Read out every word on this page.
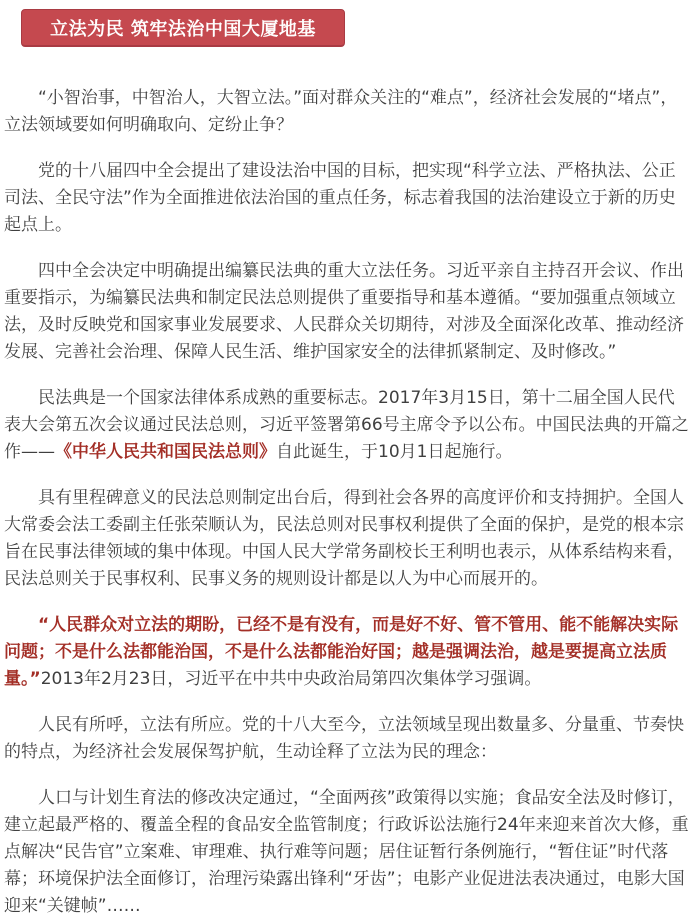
立法为民 筑牢法治中国大厦地基

“小智治事，中智治人，大智立法。”面对群众关注的“难点”，经济社会发展的“堵点”，立法领域要如何明确取向、定纷止争？

党的十八届四中全会提出了建设法治中国的目标，把实现“科学立法、严格执法、公正司法、全民守法”作为全面推进依法治国的重点任务，标志着我国的法治建设立于新的历史起点上。

四中全会决定中明确提出编纂民法典的重大立法任务。习近平亲自主持召开会议、作出重要指示，为编纂民法典和制定民法总则提供了重要指导和基本遵循。“要加强重点领域立法，及时反映党和国家事业发展要求、人民群众关切期待，对涉及全面深化改革、推动经济发展、完善社会治理、保障人民生活、维护国家安全的法律抓紧制定、及时修改。”

民法典是一个国家法律体系成熟的重要标志。2017年3月15日，第十二届全国人民代表大会第五次会议通过民法总则，习近平签署第66号主席令予以公布。中国民法典的开篇之作——《中华人民共和国民法总则》自此诞生，于10月1日起施行。

具有里程碑意义的民法总则制定出台后，得到社会各界的高度评价和支持拥护。全国人大常委会法工委副主任张荣顺认为，民法总则对民事权利提供了全面的保护，是党的根本宗旨在民事法律领域的集中体现。中国人民大学常务副校长王利明也表示，从体系结构来看，民法总则关于民事权利、民事义务的规则设计都是以人为中心而展开的。

“人民群众对立法的期盼，已经不是有没有，而是好不好、管不管用、能不能解决实际问题；不是什么法都能治国，不是什么法都能治好国；越是强调法治，越是要提高立法质量。”2013年2月23日，习近平在中共中央政治局第四次集体学习强调。

人民有所呼，立法有所应。党的十八大至今，立法领域呈现出数量多、分量重、节奏快的特点，为经济社会发展保驾护航，生动诠释了立法为民的理念：

人口与计划生育法的修改决定通过，“全面两孩”政策得以实施；食品安全法及时修订，建立起最严格的、覆盖全程的食品安全监管制度；行政诉讼法施行24年来迎来首次大修，重点解决“民告官”立案难、审理难、执行难等问题；居住证暂行条例施行，“暂住证”时代落幕；环境保护法全面修订，治理污染露出锋利“牙齿”；电影产业促进法表决通过，电影大国迎来“关键帧”……
